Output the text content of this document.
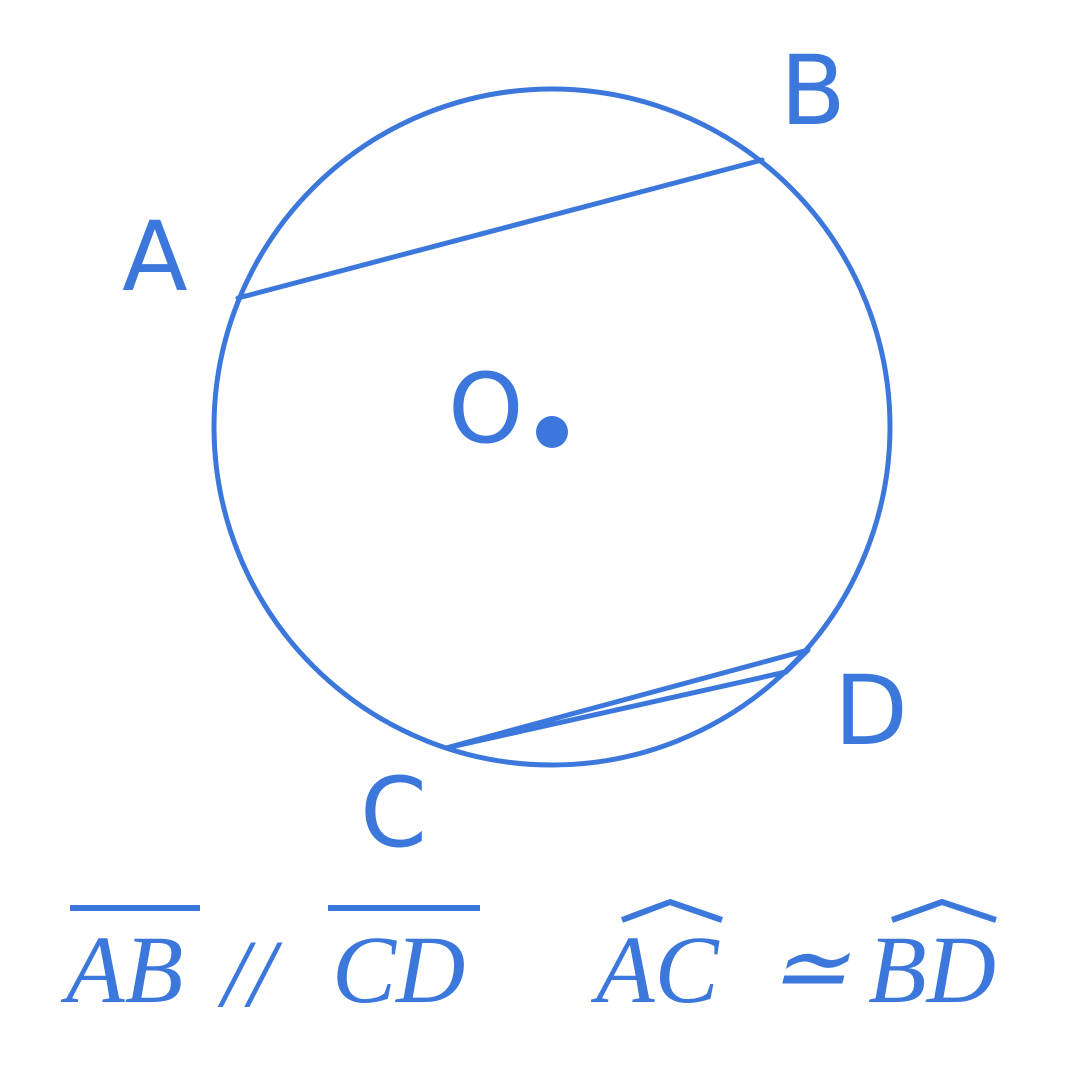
A
B
C
D
O
AB // CD AC ≃ BD
